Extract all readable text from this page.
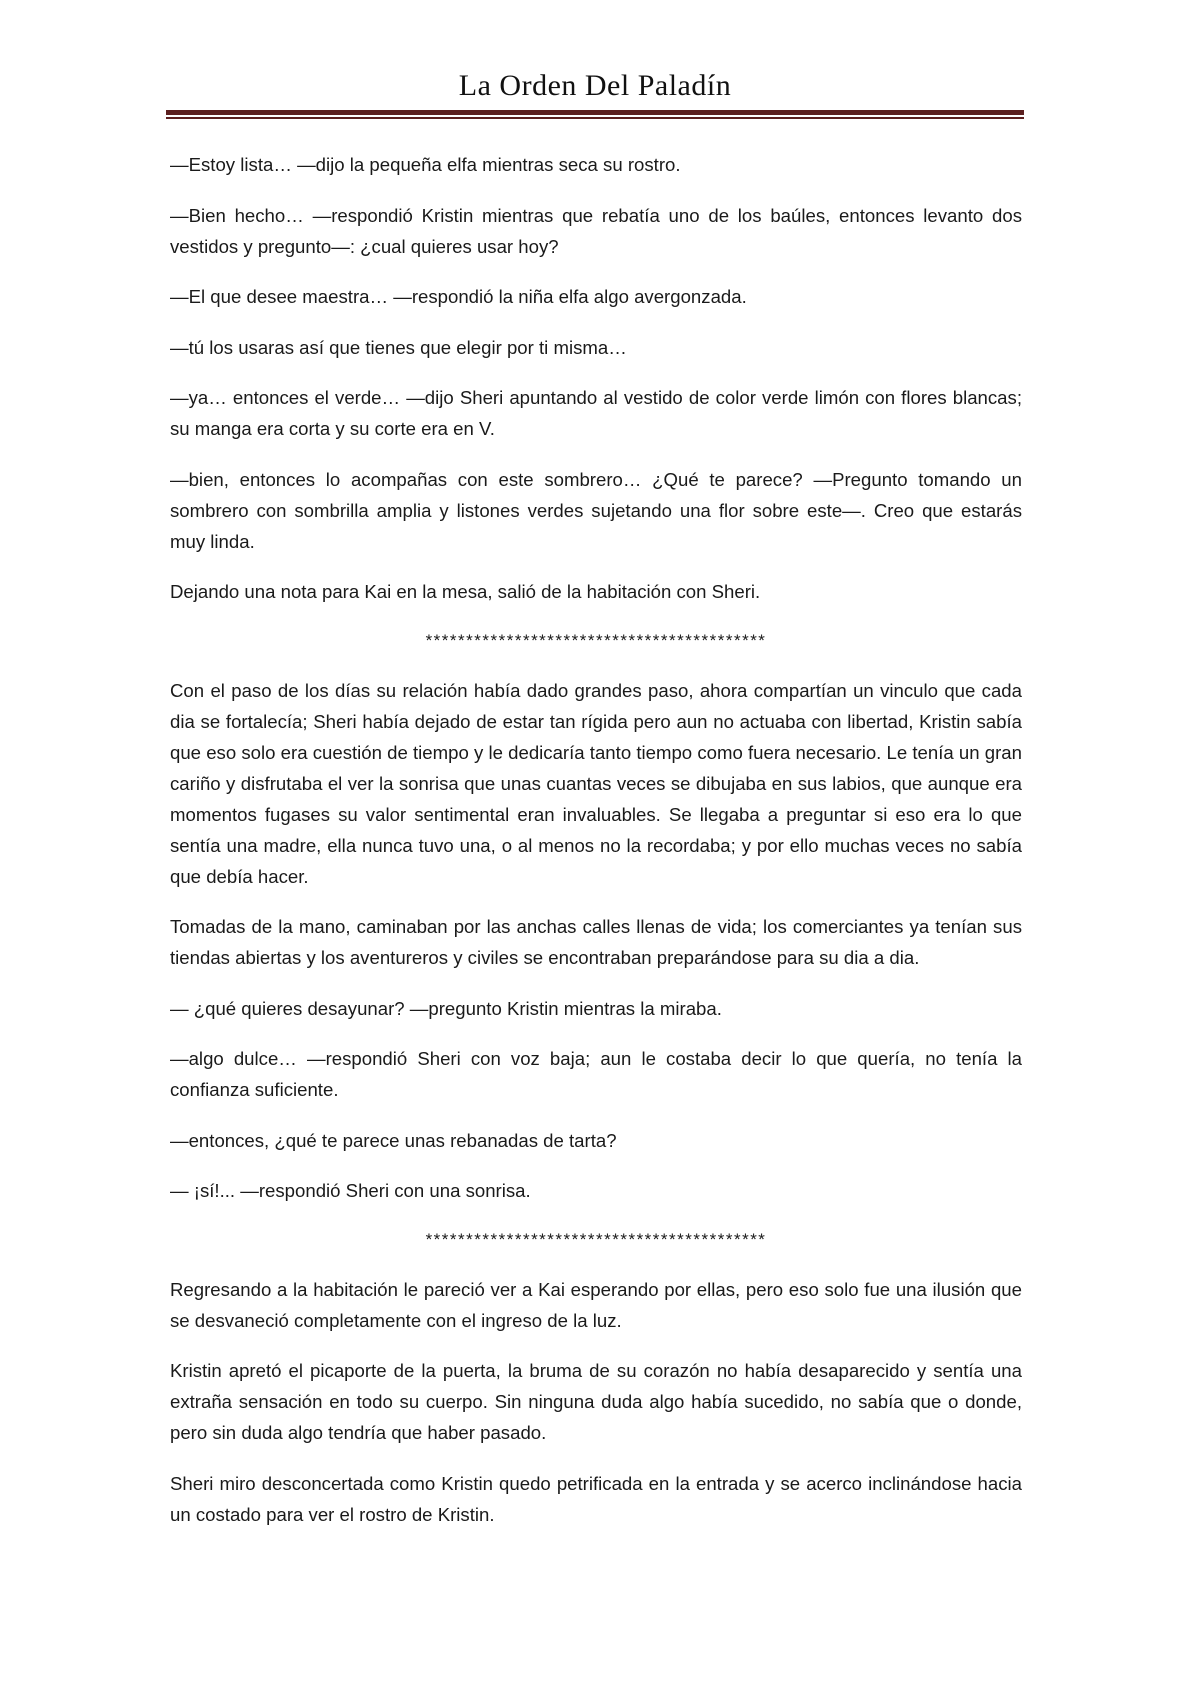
La Orden Del Paladín

—Estoy lista… —dijo la pequeña elfa mientras seca su rostro.

—Bien hecho… —respondió Kristin mientras que rebatía uno de los baúles, entonces levanto dos vestidos y pregunto—: ¿cual quieres usar hoy?

—El que desee maestra… —respondió la niña elfa algo avergonzada.

—tú los usaras así que tienes que elegir por ti misma…

—ya… entonces el verde… —dijo Sheri apuntando al vestido de color verde limón con flores blancas; su manga era corta y su corte era en V.

—bien, entonces lo acompañas con este sombrero… ¿Qué te parece? —Pregunto tomando un sombrero con sombrilla amplia y listones verdes sujetando una flor sobre este—. Creo que estarás muy linda.

Dejando una nota para Kai en la mesa, salió de la habitación con Sheri.

******************************************

Con el paso de los días su relación había dado grandes paso, ahora compartían un vinculo que cada dia se fortalecía; Sheri había dejado de estar tan rígida pero aun no actuaba con libertad, Kristin sabía que eso solo era cuestión de tiempo y le dedicaría tanto tiempo como fuera necesario. Le tenía un gran cariño y disfrutaba el ver la sonrisa que unas cuantas veces se dibujaba en sus labios, que aunque era momentos fugases su valor sentimental eran invaluables. Se llegaba a preguntar si eso era lo que sentía una madre, ella nunca tuvo una, o al menos no la recordaba; y por ello muchas veces no sabía que debía hacer.

Tomadas de la mano, caminaban por las anchas calles llenas de vida; los comerciantes ya tenían sus tiendas abiertas y los aventureros y civiles se encontraban preparándose para su dia a dia.

— ¿qué quieres desayunar? —pregunto Kristin mientras la miraba.

—algo dulce… —respondió Sheri con voz baja; aun le costaba decir lo que quería, no tenía la confianza suficiente.

—entonces, ¿qué te parece unas rebanadas de tarta?

— ¡sí!... —respondió Sheri con una sonrisa.

******************************************

Regresando a la habitación le pareció ver a Kai esperando por ellas, pero eso solo fue una ilusión que se desvaneció completamente con el ingreso de la luz.

Kristin apretó el picaporte de la puerta, la bruma de su corazón no había desaparecido y sentía una extraña sensación en todo su cuerpo. Sin ninguna duda algo había sucedido, no sabía que o donde, pero sin duda algo tendría que haber pasado.

Sheri miro desconcertada como Kristin quedo petrificada en la entrada y se acerco inclinándose hacia un costado para ver el rostro de Kristin.
